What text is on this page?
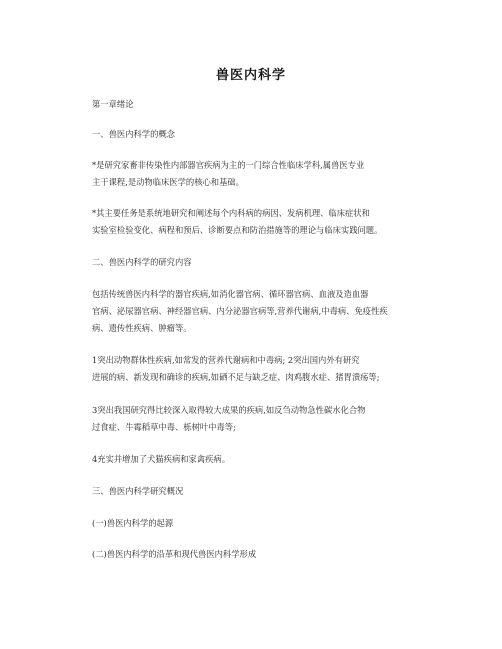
兽医内科学
第一章绪论
一、兽医内科学的概念
*是研究家畜非传染性内部器官疾病为主的一门综合性临床学科,属兽医专业
主干课程,是动物临床医学的核心和基础。
*其主要任务是系统地研究和阐述每个内科病的病因、发病机理、临床症状和
实验室检验变化、病程和预后、诊断要点和防治措施等的理论与临床实践问题。
二、兽医内科学的研究内容
包括传统兽医内科学的器官疾病,如消化器官病、循环器官病、血液及造血器
官病、泌尿器官病、神经器官病、内分泌器官病等,营养代谢病,中毒病、免疫性疾
病、遗传性疾病、肿瘤等。
1突出动物群体性疾病,如常发的营养代谢病和中毒病; 2突出国内外有研究
进展的病、新发现和确诊的疾病,如硒不足与缺乏症、肉鸡腹水症、猪胃溃疡等;
3突出我国研究得比较深入取得较大成果的疾病,如反刍动物急性碳水化合物
过食症、牛霉稻草中毒、栎树叶中毒等;
4充实并增加了犬猫疾病和家禽疾病。
三、兽医内科学研究概况
(一)兽医内科学的起源
(二)兽医内科学的沿革和现代兽医内科学形成
